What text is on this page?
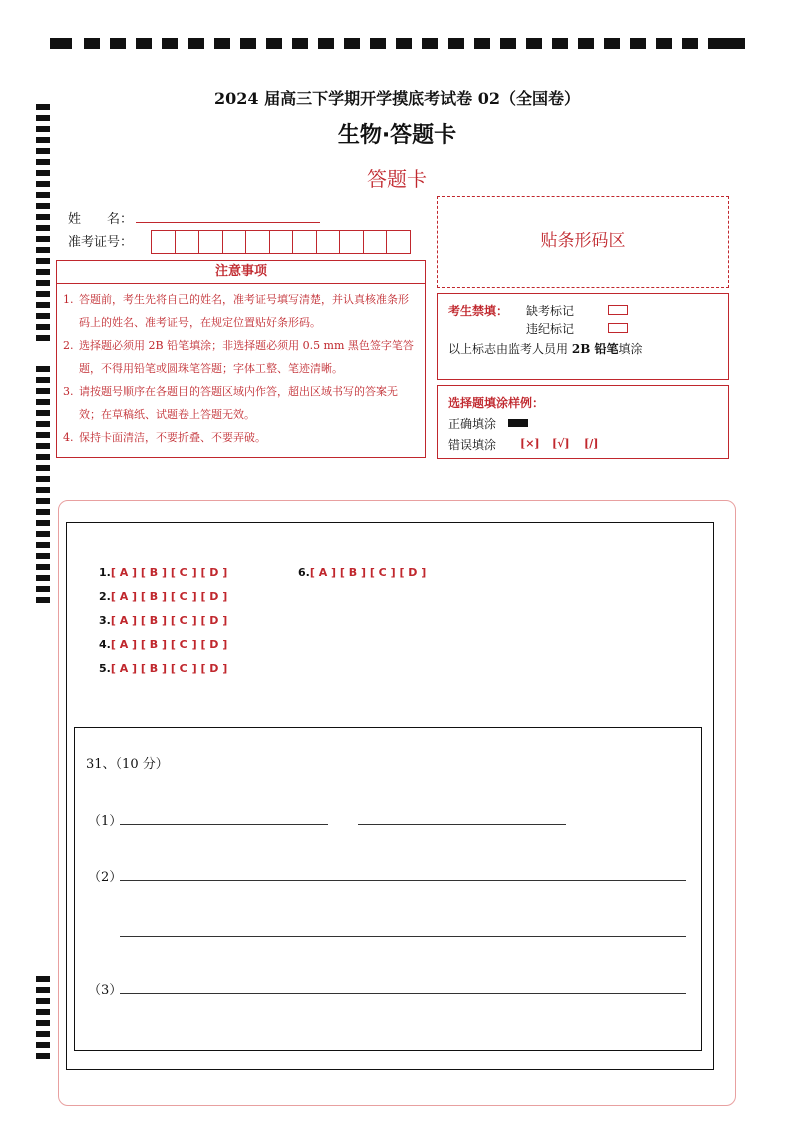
2024 届高三下学期开学摸底考试卷 02（全国卷）
生物·答题卡
答题卡
姓　　名：
准考证号：
注意事项
1. 答题前，考生先将自己的姓名，准考证号填写清楚，并认真核准条形码上的姓名、准考证号，在规定位置贴好条形码。
2. 选择题必须用 2B 铅笔填涂；非选择题必须用 0.5 mm 黑色签字笔答题，不得用铅笔或圆珠笔答题；字体工整、笔迹清晰。
3. 请按题号顺序在各题目的答题区域内作答，超出区域书写的答案无效；在草稿纸、试题卷上答题无效。
4. 保持卡面清洁，不要折叠、不要弄破。
贴条形码区
考生禁填： 缺考标记
违纪标记
以上标志由监考人员用 2B 铅笔填涂
选择题填涂样例：
正确填涂
错误填涂 [×] [√] [/]
1.[ A ] [ B ] [ C ] [ D ]
2.[ A ] [ B ] [ C ] [ D ]
3.[ A ] [ B ] [ C ] [ D ]
4.[ A ] [ B ] [ C ] [ D ]
5.[ A ] [ B ] [ C ] [ D ]
6.[ A ] [ B ] [ C ] [ D ]
31、（10 分）
（1）
（2）
（3）
